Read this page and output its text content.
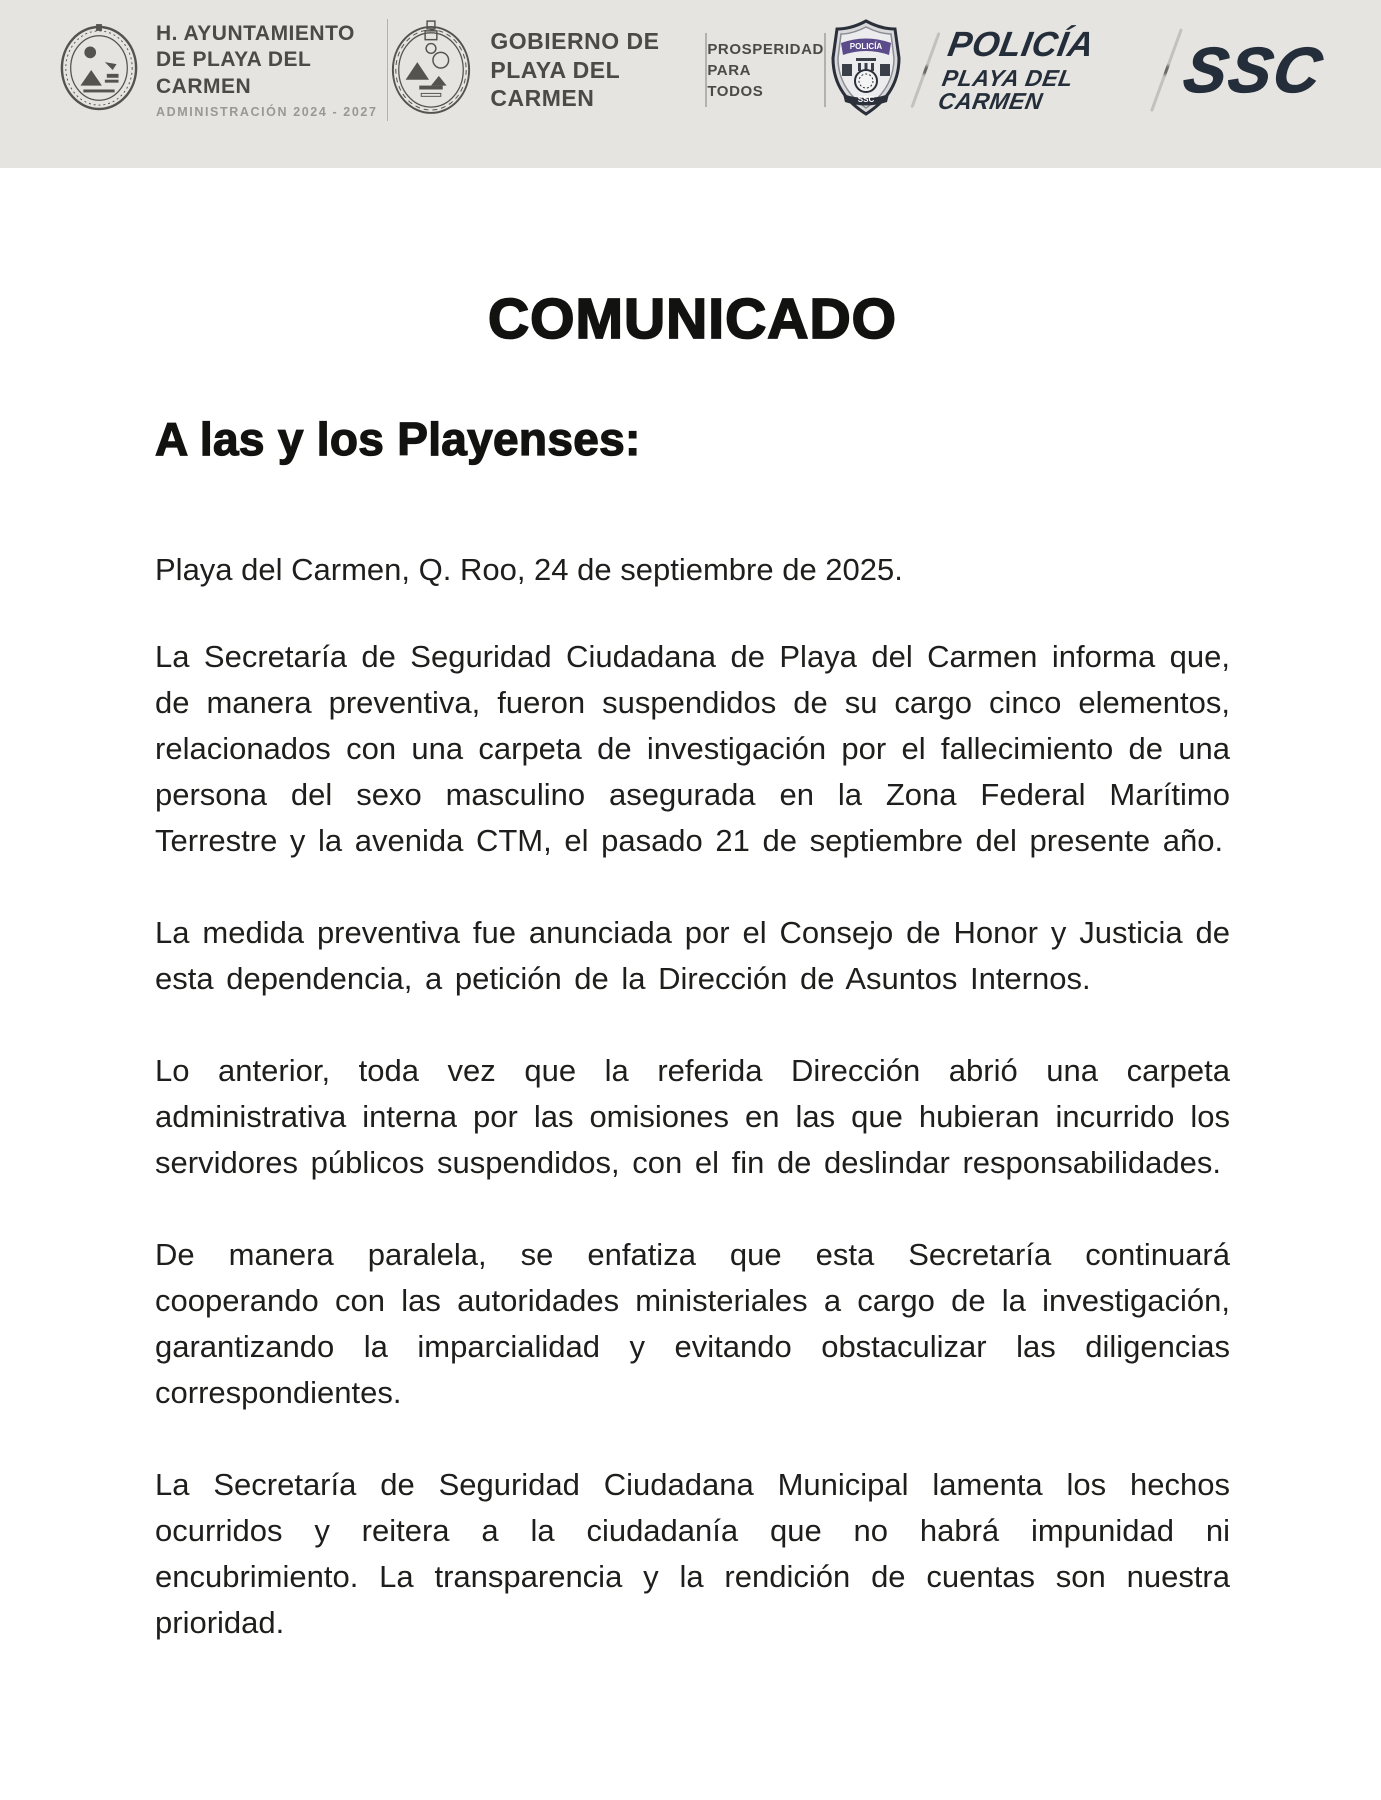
H. AYUNTAMIENTO
DE PLAYA DEL CARMEN
ADMINISTRACIÓN 2024 - 2027
GOBIERNO DE
PLAYA DEL CARMEN
PROSPERIDAD
PARA
TODOS
POLICÍA
SSC
POLICÍA
PLAYA DEL CARMEN	SSC
COMUNICADO
A las y los Playenses:

Playa del Carmen, Q. Roo, 24 de septiembre de 2025.

La Secretaría de Seguridad Ciudadana de Playa del Carmen informa que, de manera preventiva, fueron suspendidos de su cargo cinco elementos, relacionados con una carpeta de investigación por el fallecimiento de una persona del sexo masculino asegurada en la Zona Federal Marítimo Terrestre y la avenida CTM, el pasado 21 de septiembre del presente año.

La medida preventiva fue anunciada por el Consejo de Honor y Justicia de esta dependencia, a petición de la Dirección de Asuntos Internos.

Lo anterior, toda vez que la referida Dirección abrió una carpeta administrativa interna por las omisiones en las que hubieran incurrido los servidores públicos suspendidos, con el fin de deslindar responsabilidades.

De manera paralela, se enfatiza que esta Secretaría continuará cooperando con las autoridades ministeriales a cargo de la investigación, garantizando la imparcialidad y evitando obstaculizar las diligencias correspondientes.

La Secretaría de Seguridad Ciudadana Municipal lamenta los hechos ocurridos y reitera a la ciudadanía que no habrá impunidad ni encubrimiento. La transparencia y la rendición de cuentas son nuestra prioridad.
